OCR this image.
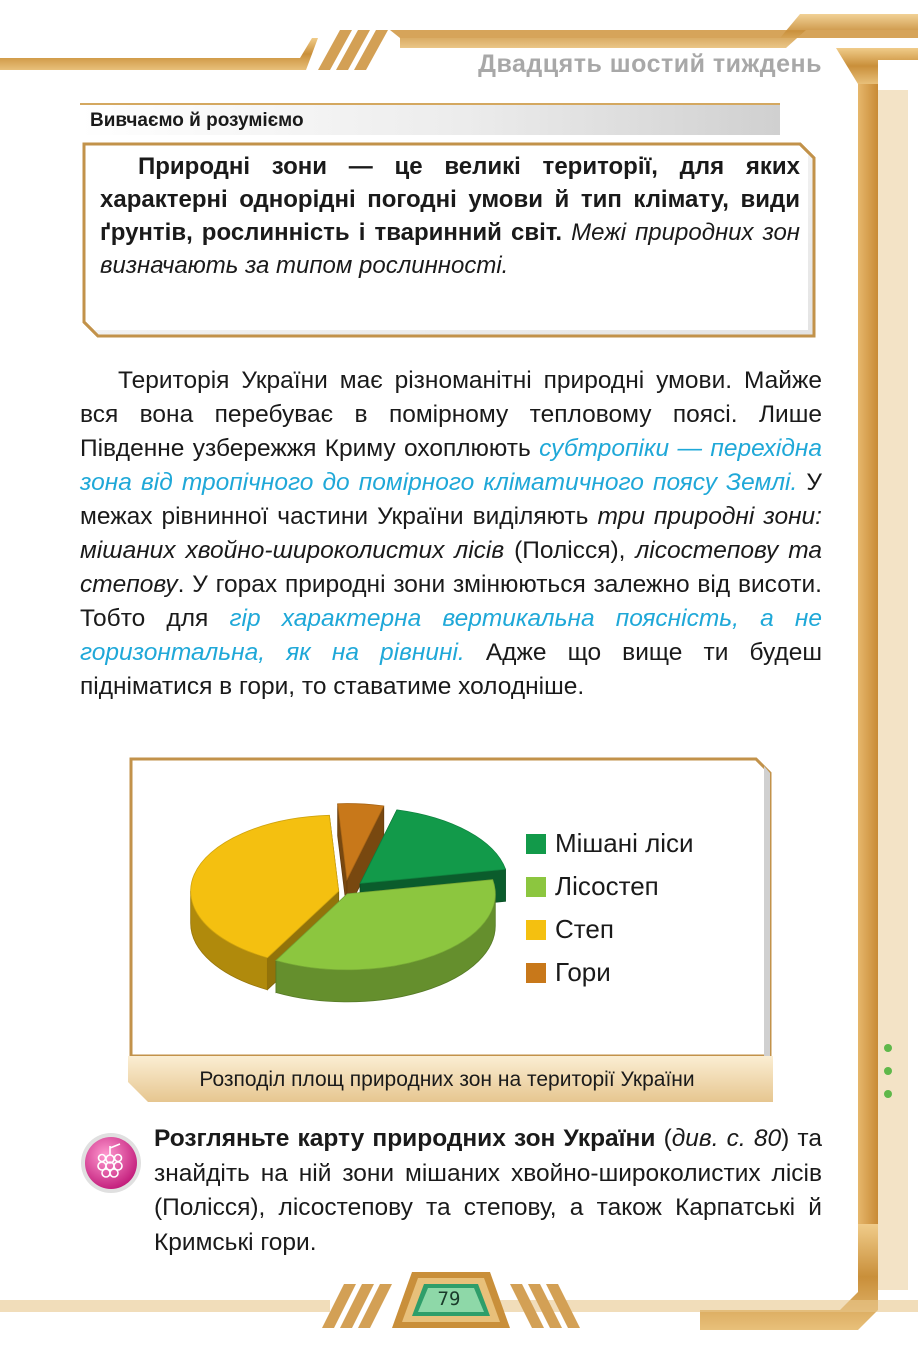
Двадцять шостий тиждень
Вивчаємо й розуміємо
Природні зони — це великі території, для яких характерні однорідні погодні умови й тип клімату, види ґрунтів, рослинність і тваринний світ. Межі природних зон визначають за типом рослинності.
Територія України має різноманітні природні умови. Майже вся вона перебуває в помірному тепловому поясі. Лише Південне узбережжя Криму охоплюють субтропіки — перехідна зона від тропічного до помірного кліматичного поясу Землі. У межах рівнинної частини України виділяють три природні зони: мішаних хвойно-широколистих лісів (Полісся), лісостепову та степову. У горах природні зони змінюються залежно від висоти. Тобто для гір характерна вертикальна поясність, а не горизонтальна, як на рівнині. Адже що вище ти будеш підніматися в гори, то ставатиме холодніше.
Мішані ліси
Лісостеп
Степ
Гори
Розподіл площ природних зон на території України
Розгляньте карту природних зон України (див. с. 80) та знайдіть на ній зони мішаних хвойно-широколистих лісів (Полісся), лісостепову та степову, а також Карпатські й Кримські гори.
79
